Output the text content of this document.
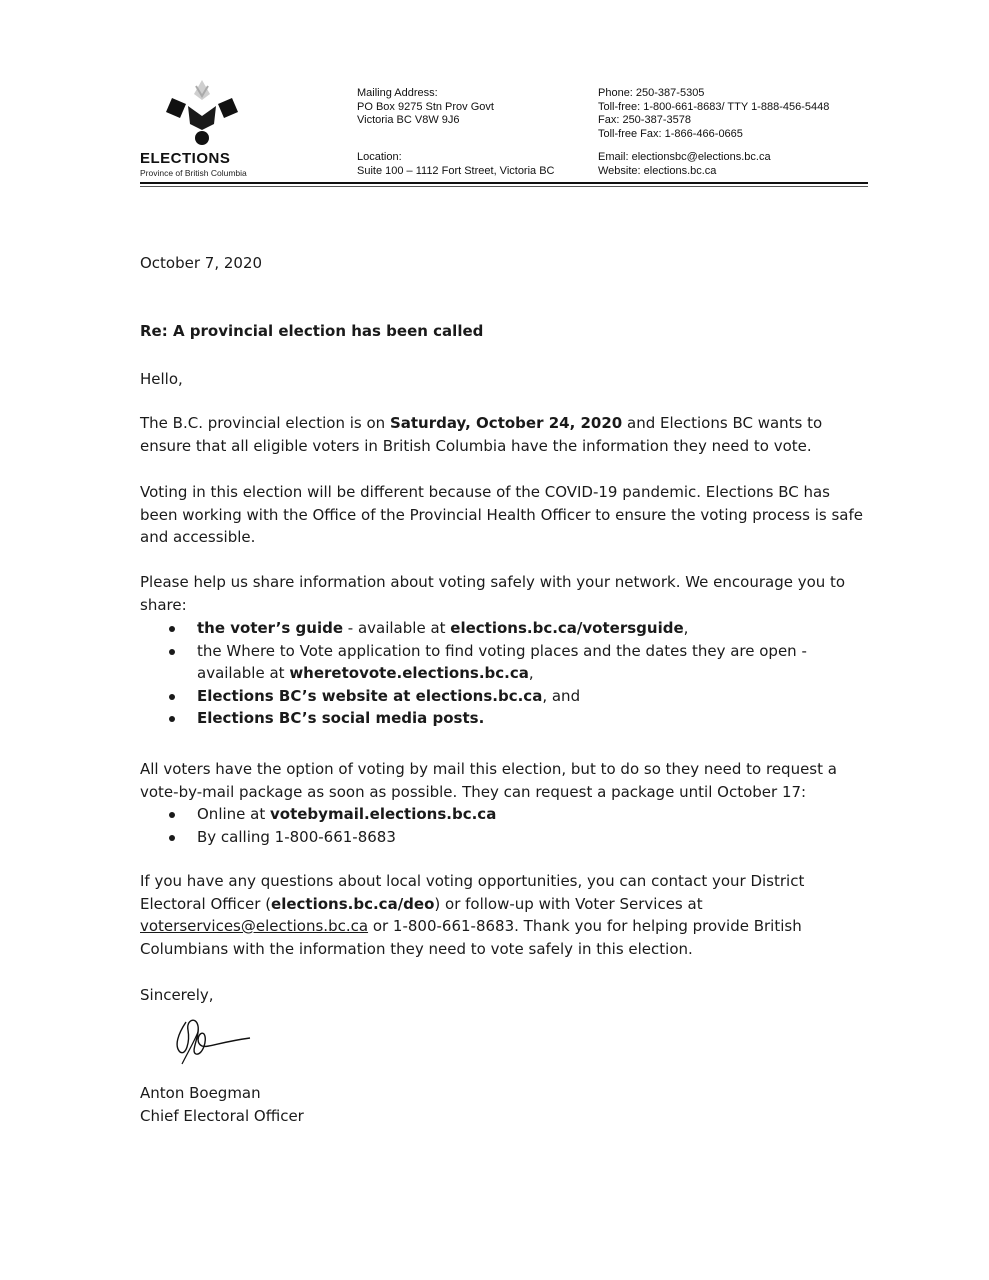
ELECTIONS
Province of British Columbia
Mailing Address:
PO Box 9275 Stn Prov Govt
Victoria BC V8W 9J6
Location:
Suite 100 – 1112 Fort Street, Victoria BC
Phone: 250-387-5305
Toll-free: 1-800-661-8683/ TTY 1-888-456-5448
Fax: 250-387-3578
Toll-free Fax: 1-866-466-0665
Email: electionsbc@elections.bc.ca
Website: elections.bc.ca
October 7, 2020
Re: A provincial election has been called
Hello,

The B.C. provincial election is on Saturday, October 24, 2020 and Elections BC wants to ensure that all eligible voters in British Columbia have the information they need to vote.

Voting in this election will be different because of the COVID-19 pandemic. Elections BC has been working with the Office of the Provincial Health Officer to ensure the voting process is safe and accessible.

Please help us share information about voting safely with your network. We encourage you to share:

the voter’s guide - available at elections.bc.ca/votersguide,
the Where to Vote application to find voting places and the dates they are open - available at wheretovote.elections.bc.ca,
Elections BC’s website at elections.bc.ca, and
Elections BC’s social media posts.

All voters have the option of voting by mail this election, but to do so they need to request a vote-by-mail package as soon as possible. They can request a package until October 17:

Online at votebymail.elections.bc.ca
By calling 1-800-661-8683

If you have any questions about local voting opportunities, you can contact your District Electoral Officer (elections.bc.ca/deo) or follow-up with Voter Services at voterservices@elections.bc.ca or 1-800-661-8683. Thank you for helping provide British Columbians with the information they need to vote safely in this election.

Sincerely,
Anton Boegman
Chief Electoral Officer
